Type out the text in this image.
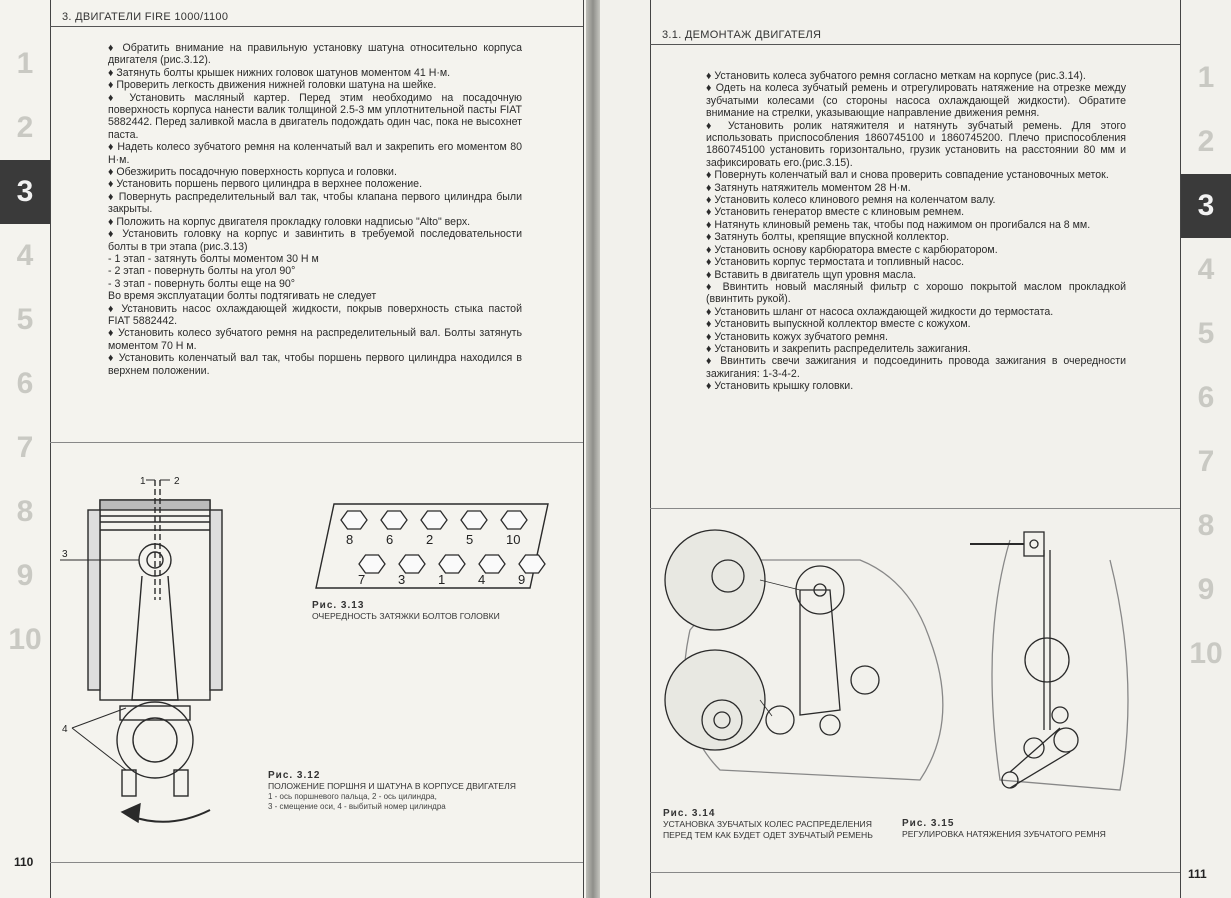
3. ДВИГАТЕЛИ FIRE 1000/1100
1
2
3
4
5
6
7
8
9
10
♦ Обратить внимание на правильную установку шатуна относительно корпуса двигателя (рис.3.12).
♦ Затянуть болты крышек нижних головок шатунов моментом 41 Н·м.
♦ Проверить легкость движения нижней головки шатуна на шейке.
♦ Установить масляный картер. Перед этим необходимо на посадочную поверхность корпуса нанести валик толщиной 2.5-3 мм уплотнительной пасты FIAT 5882442. Перед заливкой масла в двигатель подождать один час, пока не высохнет паста.
♦ Надеть колесо зубчатого ремня на коленчатый вал и закрепить его моментом 80 Н·м.
♦ Обезжирить посадочную поверхность корпуса и головки.
♦ Установить поршень первого цилиндра в верхнее положение.
♦ Повернуть распределительный вал так, чтобы клапана первого цилиндра были закрыты.
♦ Положить на корпус двигателя прокладку головки надписью "Alto" верх.
♦ Установить головку на корпус и завинтить в требуемой последовательности болты в три этапа (рис.3.13)
- 1 этап - затянуть болты моментом 30 Н м
- 2 этап - повернуть болты на угол 90°
- 3 этап - повернуть болты еще на 90°
Во время эксплуатации болты подтягивать не следует
♦ Установить насос охлаждающей жидкости, покрыв поверхность стыка пастой FIAT 5882442.
♦ Установить колесо зубчатого ремня на распределительный вал. Болты затянуть моментом 70 Н м.
♦ Установить коленчатый вал так, чтобы поршень первого цилиндра находился в верхнем положении.
1	2
3
4
Рис. 3.12
ПОЛОЖЕНИЕ ПОРШНЯ И ШАТУНА В КОРПУСЕ ДВИГАТЕЛЯ
1 - ось поршневого пальца, 2 - ось цилиндра,
3 - смещение оси, 4 - выбитый номер цилиндра
8	6	2	5	10
7	3	1	4	9
Рис. 3.13
ОЧЕРЕДНОСТЬ ЗАТЯЖКИ БОЛТОВ ГОЛОВКИ
110
3.1. ДЕМОНТАЖ ДВИГАТЕЛЯ
1
2
3
4
5
6
7
8
9
10
♦ Установить колеса зубчатого ремня согласно меткам на корпусе (рис.3.14).
♦ Одеть на колеса зубчатый ремень и отрегулировать натяжение на отрезке между зубчатыми колесами (со стороны насоса охлаждающей жидкости). Обратите внимание на стрелки, указывающие направление движения ремня.
♦ Установить ролик натяжителя и натянуть зубчатый ремень. Для этого использовать приспособления 1860745100 и 1860745200. Плечо приспособления 1860745100 установить горизонтально, грузик установить на расстоянии 80 мм и зафиксировать его.(рис.3.15).
♦ Повернуть коленчатый вал и снова проверить совпадение установочных меток.
♦ Затянуть натяжитель моментом 28 Н·м.
♦ Установить колесо клинового ремня на коленчатом валу.
♦ Установить генератор вместе с клиновым ремнем.
♦ Натянуть клиновый ремень так, чтобы под нажимом он прогибался на 8 мм.
♦ Затянуть болты, крепящие впускной коллектор.
♦ Установить основу карбюратора вместе с карбюратором.
♦ Установить корпус термостата и топливный насос.
♦ Вставить в двигатель щуп уровня масла.
♦ Ввинтить новый масляный фильтр с хорошо покрытой маслом прокладкой (ввинтить рукой).
♦ Установить шланг от насоса охлаждающей жидкости до термостата.
♦ Установить выпускной коллектор вместе с кожухом.
♦ Установить кожух зубчатого ремня.
♦ Установить и закрепить распределитель зажигания.
♦ Ввинтить свечи зажигания и подсоединить провода зажигания в очередности зажигания: 1-3-4-2.
♦ Установить крышку головки.
Рис. 3.14
УСТАНОВКА ЗУБЧАТЫХ КОЛЕС РАСПРЕДЕЛЕНИЯ ПЕРЕД ТЕМ КАК БУДЕТ ОДЕТ ЗУБЧАТЫЙ РЕМЕНЬ
Рис. 3.15
РЕГУЛИРОВКА НАТЯЖЕНИЯ ЗУБЧАТОГО РЕМНЯ
111
